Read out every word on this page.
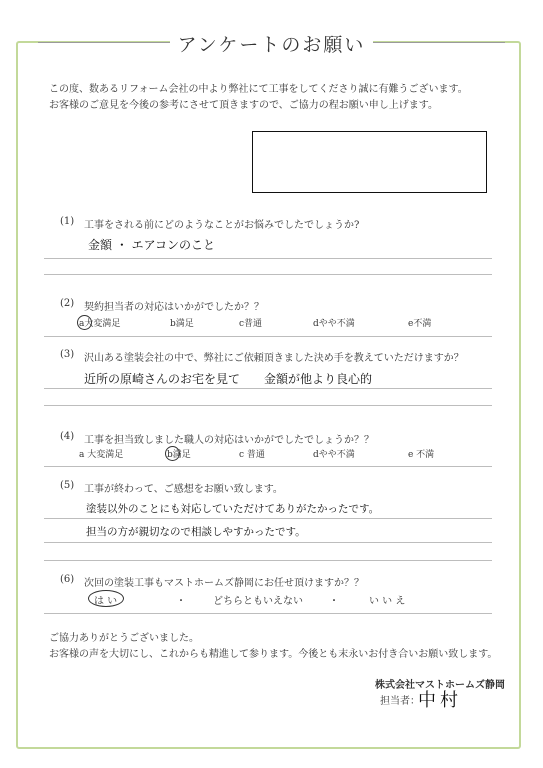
アンケートのお願い
この度、数あるリフォーム会社の中より弊社にて工事をしてくださり誠に有難うございます。
お客様のご意見を今後の参考にさせて頂きますので、ご協力の程お願い申し上げます。
(1) 工事をされる前にどのようなことがお悩みでしたでしょうか?
金額 ・ エアコンのこと
(2) 契約担当者の対応はいかがでしたか？？
a大変満足	b満足	c普通	dやや不満	e不満
(3) 沢山ある塗装会社の中で、弊社にご依頼頂きました決め手を教えていただけますか？
近所の原崎さんのお宅を見て　　金額が他より良心的
(4) 工事を担当致しました職人の対応はいかがでしたでしょうか？？
a 大変満足	b満足	c 普通	dやや不満	e 不満
(5) 工事が終わって、ご感想をお願い致します。
塗装以外のことにも対応していただけてありがたかったです。
担当の方が親切なので相談しやすかったです。
(6) 次回の塗装工事もマストホームズ静岡にお任せ頂けますか？？
は い	・	どちらともいえない	・	い い え
ご協力ありがとうございました。
お客様の声を大切にし、これからも精進して参ります。今後とも末永いお付き合いお願い致します。
株式会社マストホームズ静岡
担当者：
中村
